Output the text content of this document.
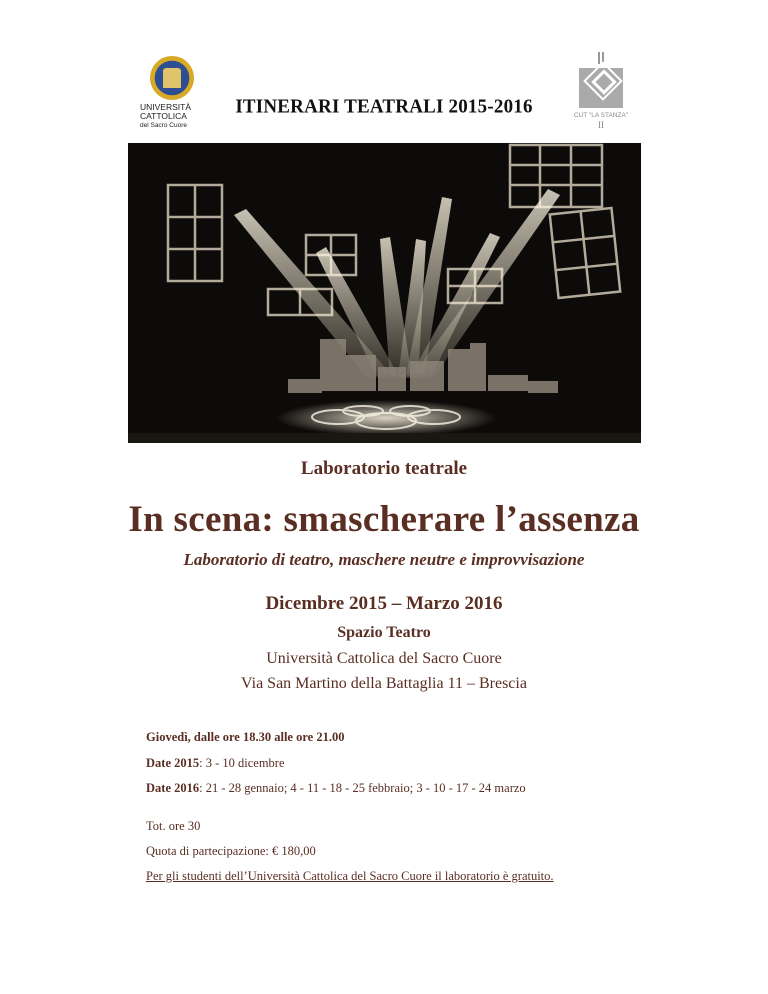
UNIVERSITÀ
CATTOLICA
del Sacro Cuore
ITINERARI TEATRALI 2015-2016	CUT "LA STANZA"
II
Laboratorio teatrale
In scena: smascherare l’assenza
Laboratorio di teatro, maschere neutre e improvvisazione
Dicembre 2015 – Marzo 2016
Spazio Teatro
Università Cattolica del Sacro Cuore
Via San Martino della Battaglia 11 – Brescia
Giovedì, dalle ore 18.30 alle ore 21.00
Date 2015: 3 - 10 dicembre
Date 2016: 21 - 28 gennaio; 4 - 11 - 18 - 25 febbraio; 3 - 10 - 17 - 24 marzo
Tot. ore 30
Quota di partecipazione: € 180,00
Per gli studenti dell’Università Cattolica del Sacro Cuore il laboratorio è gratuito.
